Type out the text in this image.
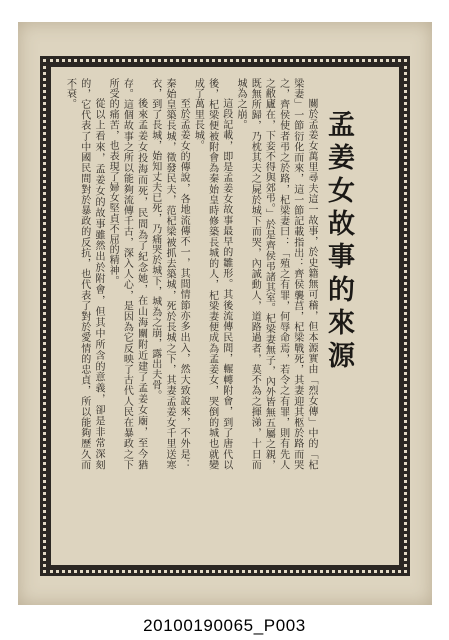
孟姜女故事的來源

關於孟姜女萬里尋夫這一故事，於史籍無可稽，但本源實由「烈女傳」中的「杞梁妻」一節衍化而來，這一節記載指出：齊侯襲莒，杞梁戰死，其妻迎其柩於路而哭之，齊侯使者弔之於路，杞梁妻曰：「殖之有罪，何辱命焉，若令之有罪，則有先人之敝廬在，下妾不得與郊弔。」於是齊侯弔諸其室。杞梁妻無子，內外皆無五屬之親，既無所歸，乃枕其夫之屍於城下而哭，內誠動人，道路過者，莫不為之揮涕，十日而城為之崩。

這段記載，即是孟姜女故事最早的雛形。其後流傳民間，輾轉附會，到了唐代以後，杞梁便被附會為秦始皇時修築長城的人，杞梁妻便成為孟姜女，哭倒的城也就變成了萬里長城。

至於孟姜女的傳說，各地流傳不一，其間情節亦多出入，然大致說來，不外是：秦始皇築長城，徵發民夫，范杞梁被抓去築城，死於長城之下，其妻孟姜女千里送寒衣，到了長城，始知丈夫已死，乃痛哭於城下，城為之崩，露出夫骨。

後來孟姜女投海而死，民間為了紀念她，在山海關附近建了孟姜女廟，至今猶存。這個故事之所以能夠流傳千古，深入人心，是因為它反映了古代人民在暴政之下所受的痛苦，也表現了婦女堅貞不屈的精神。

從以上看來，孟姜女的故事雖然出於附會，但其中所含的意義，卻是非常深刻的，它代表了中國民間對於暴政的反抗，也代表了對於愛情的忠貞，所以能夠歷久而不衰。

20100190065_P003
